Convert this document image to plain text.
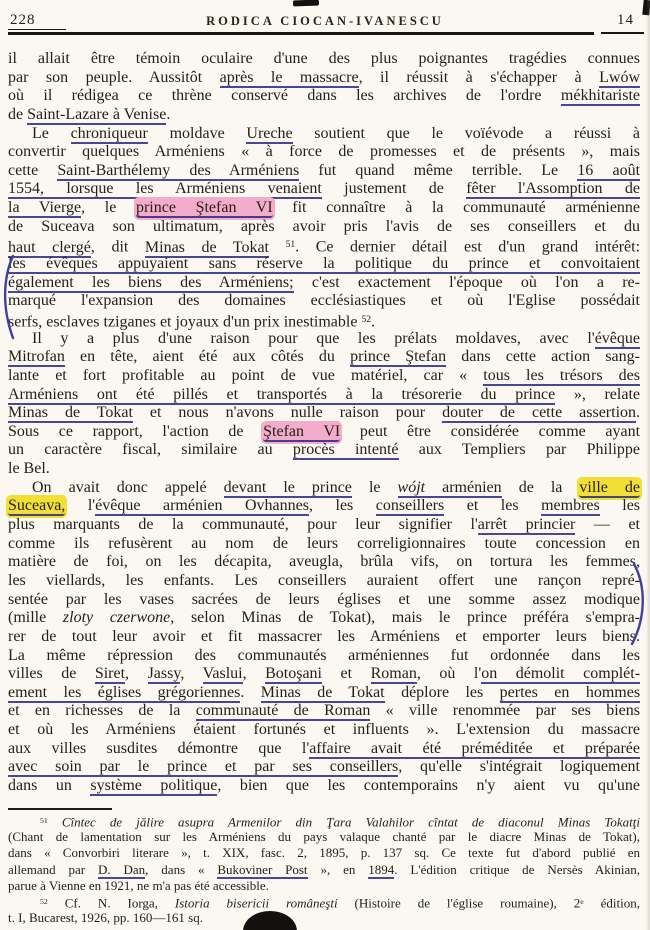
228	RODICA CIOCAN-IVANESCU	14
il allait être témoin oculaire d'une des plus poignantes tragédies connues
par son peuple. Aussitôt après le massacre, il réussit à s'échapper à Lwów
où il rédigea ce thrène conservé dans les archives de l'ordre mékhitariste
de Saint-Lazare à Venise.
Le chroniqueur moldave Ureche soutient que le voïévode a réussi à
convertir quelques Arméniens « à force de promesses et de présents », mais
cette Saint-Barthélemy des Arméniens fut quand même terrible. Le 16 août
1554, lorsque les Arméniens venaient justement de fêter l'Assomption de
la Vierge, le prince Ştefan VI fit connaître à la communauté arménienne
de Suceava son ultimatum, après avoir pris l'avis de ses conseillers et du
haut clergé, dit Minas de Tokat $^{51}$. Ce dernier détail est d'un grand intérêt:
les évêques appuyaient sans réserve la politique du prince et convoitaient
également les biens des Arméniens; c'est exactement l'époque où l'on a re-
marqué l'expansion des domaines ecclésiastiques et où l'Eglise possédait
serfs, esclaves tziganes et joyaux d'un prix inestimable $^{52}$.
Il y a plus d'une raison pour que les prélats moldaves, avec l'évêque
Mitrofan en tête, aient été aux côtés du prince Ştefan dans cette action sang-
lante et fort profitable au point de vue matériel, car « tous les trésors des
Arméniens ont été pillés et transportés à la trésorerie du prince », relate
Minas de Tokat et nous n'avons nulle raison pour douter de cette assertion.
Sous ce rapport, l'action de Ştefan VI peut être considérée comme ayant
un caractère fiscal, similaire au procès intenté aux Templiers par Philippe
le Bel.
On avait donc appelé devant le prince le wójt arménien de la ville de
Suceava, l'évêque arménien Ovhannes, les conseillers et les membres les
plus marquants de la communauté, pour leur signifier l'arrêt princier — et
comme ils refusèrent au nom de leurs correligionnaires toute concession en
matière de foi, on les décapita, aveugla, brûla vifs, on tortura les femmes,
les viellards, les enfants. Les conseillers auraient offert une rançon repré-
sentée par les vases sacrées de leurs églises et une somme assez modique
(mille zloty czerwone, selon Minas de Tokat), mais le prince préféra s'empra-
rer de tout leur avoir et fit massacrer les Arméniens et emporter leurs biens.
La même répression des communautés arméniennes fut ordonnée dans les
villes de Siret, Jassy, Vaslui, Botoşani et Roman, où l'on démolit complét-
ement les églises grégoriennes. Minas de Tokat déplore les pertes en hommes
et en richesses de la communauté de Roman « ville renommée par ses biens
et où les Arméniens étaient fortunés et influents ». L'extension du massacre
aux villes susdites démontre que l'affaire avait été préméditée et préparée
avec soin par le prince et par ses conseillers, qu'elle s'intégrait logiquement
dans un système politique, bien que les contemporains n'y aient vu qu'une
$^{51}$ Cîntec de jălire asupra Armenilor din Ţara Valahilor cîntat de diaconul Minas Tokatţi
(Chant de lamentation sur les Arméniens du pays valaque chanté par le diacre Minas de Tokat),
dans « Convorbiri literare », t. XIX, fasc. 2, 1895, p. 137 sq. Ce texte fut d'abord publié en
allemand par D. Dan, dans « Bukoviner Post », en 1894. L'édition critique de Nersès Akinian,
parue à Vienne en 1921, ne m'a pas été accessible.
$^{52}$ Cf. N. Iorga, Istoria bisericii româneşti (Histoire de l'église roumaine), 2e édition,
t. I, Bucarest, 1926, pp. 160—161 sq.
